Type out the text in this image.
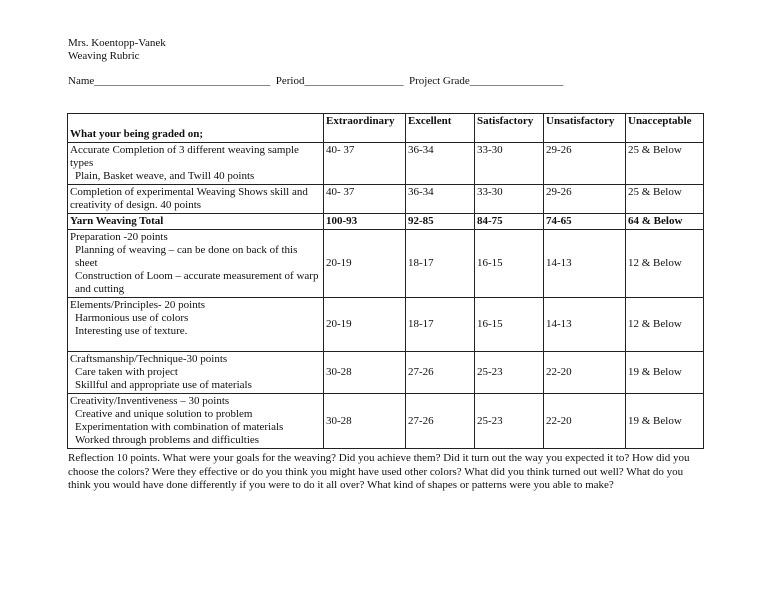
Mrs. Koentopp-Vanek
Weaving Rubric
Name________________________________ Period__________________ Project Grade_________________
What your being graded on;	Extraordinary	Excellent	Satisfactory	Unsatisfactory	Unacceptable
Accurate Completion of 3 different weaving sample types
Plain, Basket weave, and Twill 40 points	40- 37	36-34	33-30	29-26	25 & Below
Completion of experimental Weaving Shows skill and creativity of design. 40 points	40- 37	36-34	33-30	29-26	25 & Below
Yarn Weaving Total	100-93	92-85	84-75	74-65	64 & Below
Preparation -20 points
Planning of weaving – can be done on back of this sheet
Construction of Loom – accurate measurement of warp and cutting	20-19	18-17	16-15	14-13	12 & Below
Elements/Principles- 20 points
Harmonious use of colors
Interesting use of texture.	20-19	18-17	16-15	14-13	12 & Below
Craftsmanship/Technique-30 points
Care taken with project
Skillful and appropriate use of materials	30-28	27-26	25-23	22-20	19 & Below
Creativity/Inventiveness – 30 points
Creative and unique solution to problem
Experimentation with combination of materials
Worked through problems and difficulties	30-28	27-26	25-23	22-20	19 & Below
Reflection 10 points. What were your goals for the weaving? Did you achieve them? Did it turn out the way you expected it to? How did you choose the colors? Were they effective or do you think you might have used other colors? What did you think turned out well? What do you think you would have done differently if you were to do it all over? What kind of shapes or patterns were you able to make?
